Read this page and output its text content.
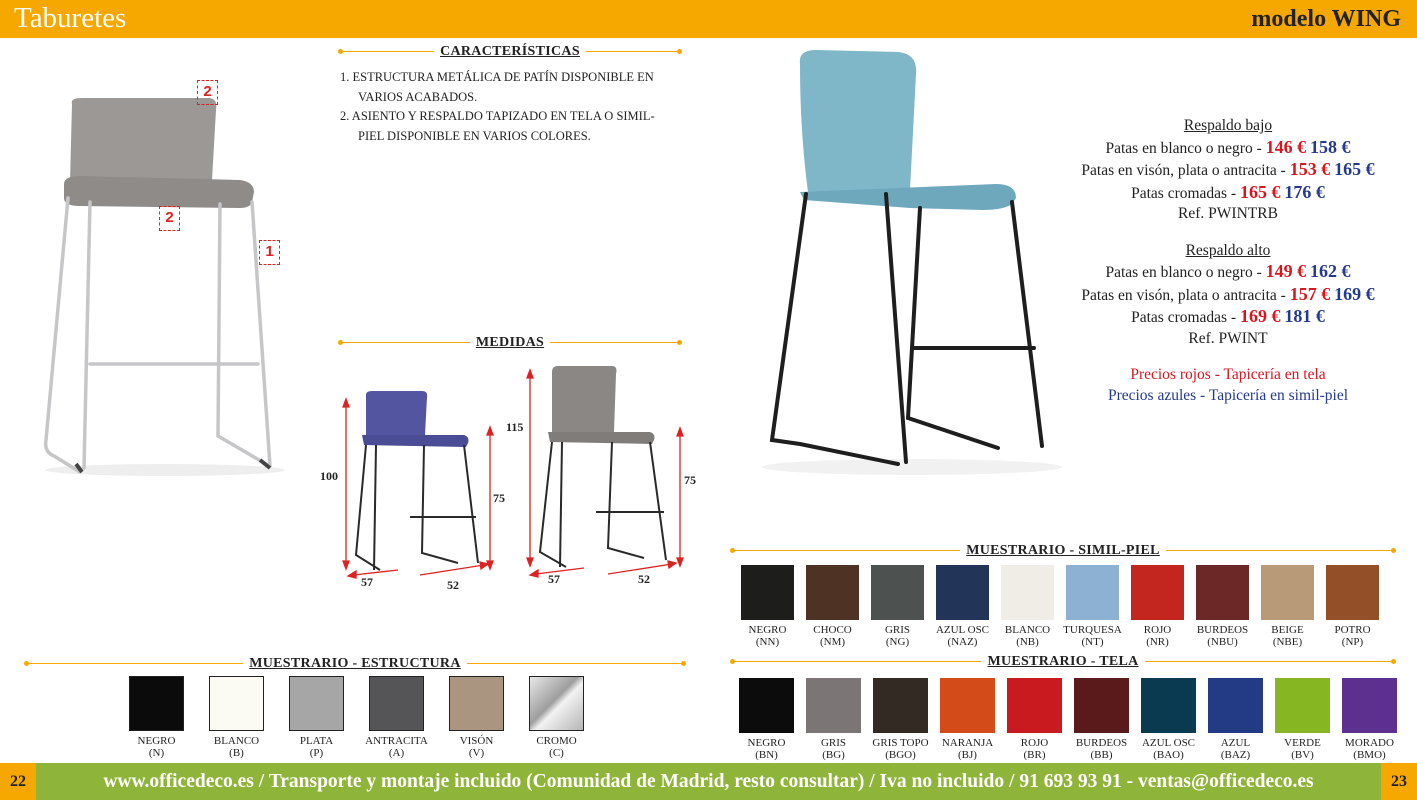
Taburetes	modelo WING
2
2
1
CARACTERÍSTICAS
1. ESTRUCTURA METÁLICA DE PATÍN DISPONIBLE EN VARIOS ACABADOS.
2. ASIENTO Y RESPALDO TAPIZADO EN TELA O SIMIL-PIEL DISPONIBLE EN VARIOS COLORES.
MEDIDAS
100
75
57	52
115
75
57	52
MUESTRARIO - ESTRUCTURA
NEGRO
(N)
BLANCO
(B)
PLATA
(P)
ANTRACITA
(A)
VISÓN
(V)
CROMO
(C)
Respaldo bajo
Patas en blanco o negro - 146 € 158 €
Patas en visón, plata o antracita - 153 € 165 €
Patas cromadas - 165 € 176 €
Ref. PWINTRB
Respaldo alto
Patas en blanco o negro - 149 € 162 €
Patas en visón, plata o antracita - 157 € 169 €
Patas cromadas - 169 € 181 €
Ref. PWINT
Precios rojos - Tapicería en tela
Precios azules - Tapicería en simil-piel
MUESTRARIO - SIMIL-PIEL
NEGRO
(NN)
CHOCO
(NM)
GRIS
(NG)
AZUL OSC
(NAZ)
BLANCO
(NB)
TURQUESA
(NT)
ROJO
(NR)
BURDEOS
(NBU)
BEIGE
(NBE)
POTRO
(NP)
MUESTRARIO - TELA
NEGRO
(BN)
GRIS
(BG)
GRIS TOPO
(BGO)
NARANJA
(BJ)
ROJO
(BR)
BURDEOS
(BB)
AZUL OSC
(BAO)
AZUL
(BAZ)
VERDE
(BV)
MORADO
(BMO)
22	www.officedeco.es / Transporte y montaje incluido (Comunidad de Madrid, resto consultar) / Iva no incluido / 91 693 93 91 - ventas@officedeco.es	23
